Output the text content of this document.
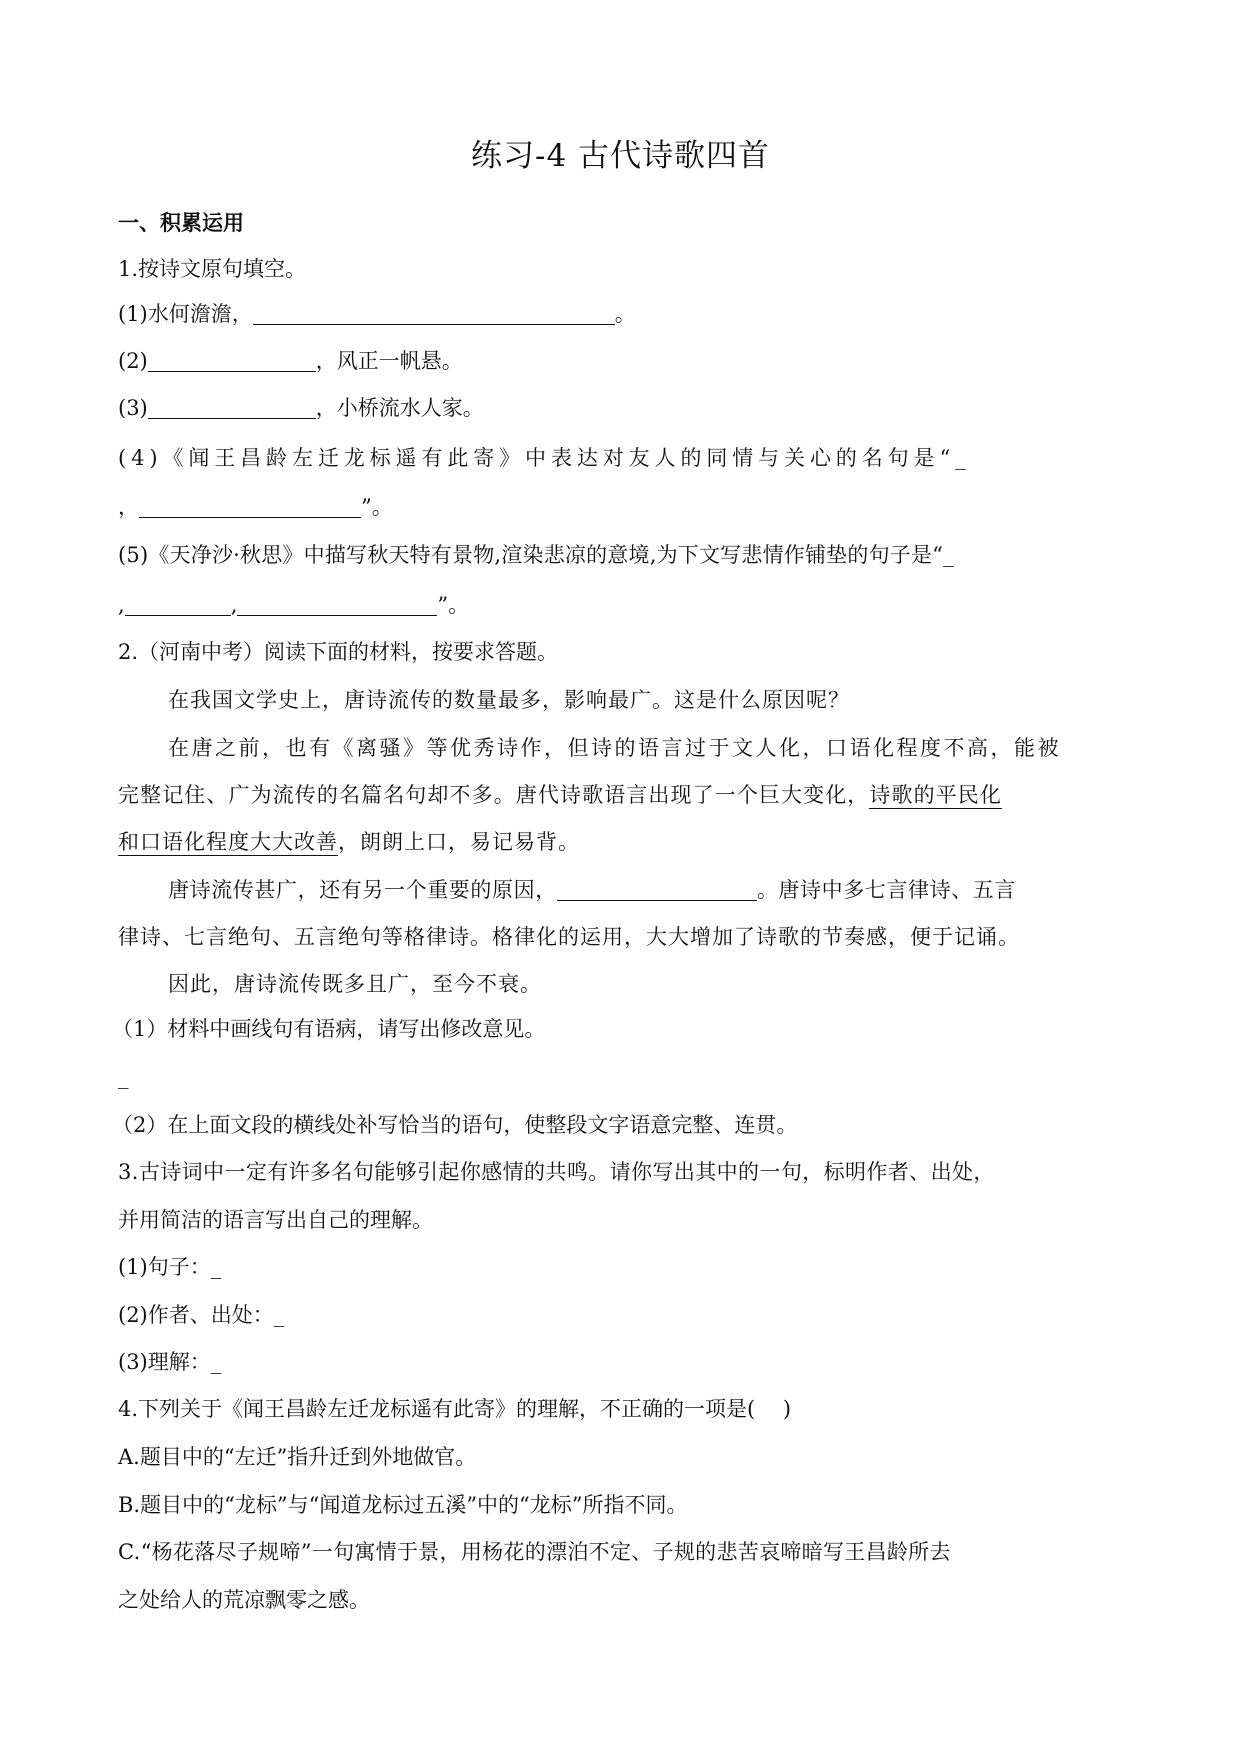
练习-4 古代诗歌四首
一、积累运用
1.按诗文原句填空。
(1)水何澹澹，	。
(2)	，风正一帆悬。
(3)	，小桥流水人家。
(4)《闻王昌龄左迁龙标遥有此寄》中表达对友人的同情与关心的名句是“_
，	”。
(5)《天净沙·秋思》中描写秋天特有景物,渲染悲凉的意境,为下文写悲情作铺垫的句子是“_
,	,	”。
2.（河南中考）阅读下面的材料，按要求答题。
在我国文学史上，唐诗流传的数量最多，影响最广。这是什么原因呢？
在唐之前，也有《离骚》等优秀诗作，但诗的语言过于文人化，口语化程度不高，能被
完整记住、广为流传的名篇名句却不多。唐代诗歌语言出现了一个巨大变化，诗歌的平民化
和口语化程度大大改善，朗朗上口，易记易背。
唐诗流传甚广，还有另一个重要的原因，	。唐诗中多七言律诗、五言
律诗、七言绝句、五言绝句等格律诗。格律化的运用，大大增加了诗歌的节奏感，便于记诵。
因此，唐诗流传既多且广，至今不衰。
（1）材料中画线句有语病，请写出修改意见。
_
（2）在上面文段的横线处补写恰当的语句，使整段文字语意完整、连贯。
3.古诗词中一定有许多名句能够引起你感情的共鸣。请你写出其中的一句，标明作者、出处，
并用简洁的语言写出自己的理解。
(1)句子：_
(2)作者、出处：_
(3)理解：_
4.下列关于《闻王昌龄左迁龙标遥有此寄》的理解，不正确的一项是(　 )
A.题目中的“左迁”指升迁到外地做官。
B.题目中的“龙标”与“闻道龙标过五溪”中的“龙标”所指不同。
C.“杨花落尽子规啼”一句寓情于景，用杨花的漂泊不定、子规的悲苦哀啼暗写王昌龄所去
之处给人的荒凉飘零之感。
